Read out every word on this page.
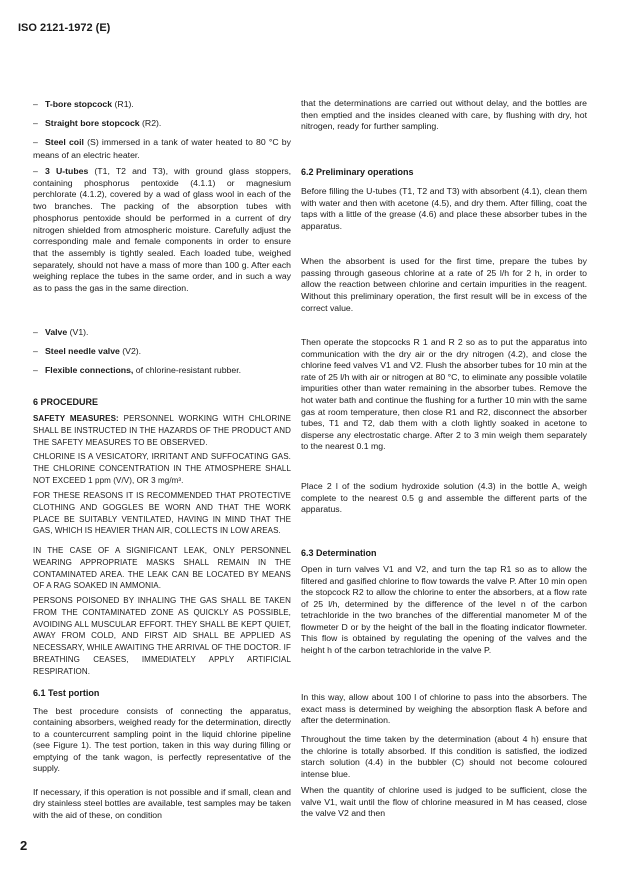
ISO 2121-1972 (E)
– T-bore stopcock (R1).
– Straight bore stopcock (R2).
– Steel coil (S) immersed in a tank of water heated to 80 °C by means of an electric heater.
– 3 U-tubes (T1, T2 and T3), with ground glass stoppers, containing phosphorus pentoxide (4.1.1) or magnesium perchlorate (4.1.2), covered by a wad of glass wool in each of the two branches. The packing of the absorption tubes with phosphorus pentoxide should be performed in a current of dry nitrogen shielded from atmospheric moisture. Carefully adjust the corresponding male and female components in order to ensure that the assembly is tightly sealed. Each loaded tube, weighed separately, should not have a mass of more than 100 g. After each weighing replace the tubes in the same order, and in such a way as to pass the gas in the same direction.
– Valve (V1).
– Steel needle valve (V2).
– Flexible connections, of chlorine-resistant rubber.
6 PROCEDURE
SAFETY MEASURES: PERSONNEL WORKING WITH CHLORINE SHALL BE INSTRUCTED IN THE HAZARDS OF THE PRODUCT AND THE SAFETY MEASURES TO BE OBSERVED.
CHLORINE IS A VESICATORY, IRRITANT AND SUFFOCATING GAS. THE CHLORINE CONCENTRATION IN THE ATMOSPHERE SHALL NOT EXCEED 1 ppm (V/V), OR 3 mg/m³.
FOR THESE REASONS IT IS RECOMMENDED THAT PROTECTIVE CLOTHING AND GOGGLES BE WORN AND THAT THE WORK PLACE BE SUITABLY VENTILATED, HAVING IN MIND THAT THE GAS, WHICH IS HEAVIER THAN AIR, COLLECTS IN LOW AREAS.
IN THE CASE OF A SIGNIFICANT LEAK, ONLY PERSONNEL WEARING APPROPRIATE MASKS SHALL REMAIN IN THE CONTAMINATED AREA. THE LEAK CAN BE LOCATED BY MEANS OF A RAG SOAKED IN AMMONIA.
PERSONS POISONED BY INHALING THE GAS SHALL BE TAKEN FROM THE CONTAMINATED ZONE AS QUICKLY AS POSSIBLE, AVOIDING ALL MUSCULAR EFFORT. THEY SHALL BE KEPT QUIET, AWAY FROM COLD, AND FIRST AID SHALL BE APPLIED AS NECESSARY, WHILE AWAITING THE ARRIVAL OF THE DOCTOR. IF BREATHING CEASES, IMMEDIATELY APPLY ARTIFICIAL RESPIRATION.
6.1 Test portion
The best procedure consists of connecting the apparatus, containing absorbers, weighed ready for the determination, directly to a countercurrent sampling point in the liquid chlorine pipeline (see Figure 1). The test portion, taken in this way during filling or emptying of the tank wagon, is perfectly representative of the supply.
If necessary, if this operation is not possible and if small, clean and dry stainless steel bottles are available, test samples may be taken with the aid of these, on condition
2
that the determinations are carried out without delay, and the bottles are then emptied and the insides cleaned with care, by flushing with dry, hot nitrogen, ready for further sampling.
6.2 Preliminary operations
Before filling the U-tubes (T1, T2 and T3) with absorbent (4.1), clean them with water and then with acetone (4.5), and dry them. After filling, coat the taps with a little of the grease (4.6) and place these absorber tubes in the apparatus.
When the absorbent is used for the first time, prepare the tubes by passing through gaseous chlorine at a rate of 25 l/h for 2 h, in order to allow the reaction between chlorine and certain impurities in the reagent. Without this preliminary operation, the first result will be in excess of the correct value.
Then operate the stopcocks R 1 and R 2 so as to put the apparatus into communication with the dry air or the dry nitrogen (4.2), and close the chlorine feed valves V1 and V2. Flush the absorber tubes for 10 min at the rate of 25 l/h with air or nitrogen at 80 °C, to eliminate any possible volatile impurities other than water remaining in the absorber tubes. Remove the hot water bath and continue the flushing for a further 10 min with the same gas at room temperature, then close R1 and R2, disconnect the absorber tubes, T1 and T2, dab them with a cloth lightly soaked in acetone to disperse any electrostatic charge. After 2 to 3 min weigh them separately to the nearest 0.1 mg.
Place 2 l of the sodium hydroxide solution (4.3) in the bottle A, weigh complete to the nearest 0.5 g and assemble the different parts of the apparatus.
6.3 Determination
Open in turn valves V1 and V2, and turn the tap R1 so as to allow the filtered and gasified chlorine to flow towards the valve P. After 10 min open the stopcock R2 to allow the chlorine to enter the absorbers, at a flow rate of 25 l/h, determined by the difference of the level n of the carbon tetrachloride in the two branches of the differential manometer M of the flowmeter D or by the height of the ball in the floating indicator flowmeter. This flow is obtained by regulating the opening of the valves and the height h of the carbon tetrachloride in the valve P.
In this way, allow about 100 l of chlorine to pass into the absorbers. The exact mass is determined by weighing the absorption flask A before and after the determination.
Throughout the time taken by the determination (about 4 h) ensure that the chlorine is totally absorbed. If this condition is satisfied, the iodized starch solution (4.4) in the bubbler (C) should not become coloured intense blue.
When the quantity of chlorine used is judged to be sufficient, close the valve V1, wait until the flow of chlorine measured in M has ceased, close the valve V2 and then
